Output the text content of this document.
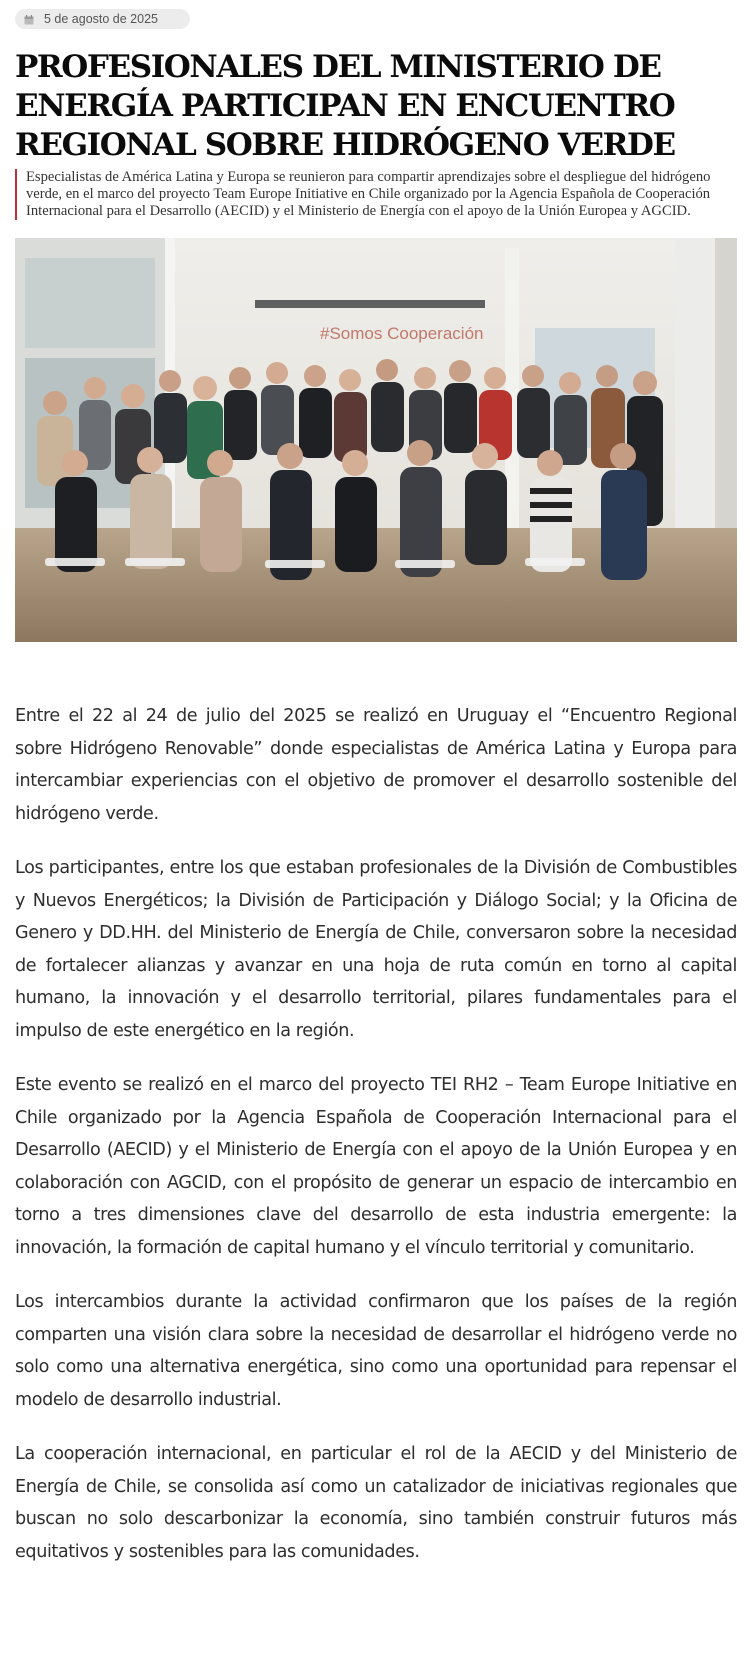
5 de agosto de 2025
PROFESIONALES DEL MINISTERIO DE ENERGÍA PARTICIPAN EN ENCUENTRO REGIONAL SOBRE HIDRÓGENO VERDE

Especialistas de América Latina y Europa se reunieron para compartir aprendizajes sobre el despliegue del hidrógeno verde, en el marco del proyecto Team Europe Initiative en Chile organizado por la Agencia Española de Cooperación Internacional para el Desarrollo (AECID) y el Ministerio de Energía con el apoyo de la Unión Europea y AGCID.

#Somos Cooperación

Entre el 22 al 24 de julio del 2025 se realizó en Uruguay el “Encuentro Regional sobre Hidrógeno Renovable” donde especialistas de América Latina y Europa para intercambiar experiencias con el objetivo de promover el desarrollo sostenible del hidrógeno verde.

Los participantes, entre los que estaban profesionales de la División de Combustibles y Nuevos Energéticos; la División de Participación y Diálogo Social; y la Oficina de Genero y DD.HH. del Ministerio de Energía de Chile, conversaron sobre la necesidad de fortalecer alianzas y avanzar en una hoja de ruta común en torno al capital humano, la innovación y el desarrollo territorial, pilares fundamentales para el impulso de este energético en la región.

Este evento se realizó en el marco del proyecto TEI RH2 – Team Europe Initiative en Chile organizado por la Agencia Española de Cooperación Internacional para el Desarrollo (AECID) y el Ministerio de Energía con el apoyo de la Unión Europea y en colaboración con AGCID, con el propósito de generar un espacio de intercambio en torno a tres dimensiones clave del desarrollo de esta industria emergente: la innovación, la formación de capital humano y el vínculo territorial y comunitario.

Los intercambios durante la actividad confirmaron que los países de la región comparten una visión clara sobre la necesidad de desarrollar el hidrógeno verde no solo como una alternativa energética, sino como una oportunidad para repensar el modelo de desarrollo industrial.

La cooperación internacional, en particular el rol de la AECID y del Ministerio de Energía de Chile, se consolida así como un catalizador de iniciativas regionales que buscan no solo descarbonizar la economía, sino también construir futuros más equitativos y sostenibles para las comunidades.
